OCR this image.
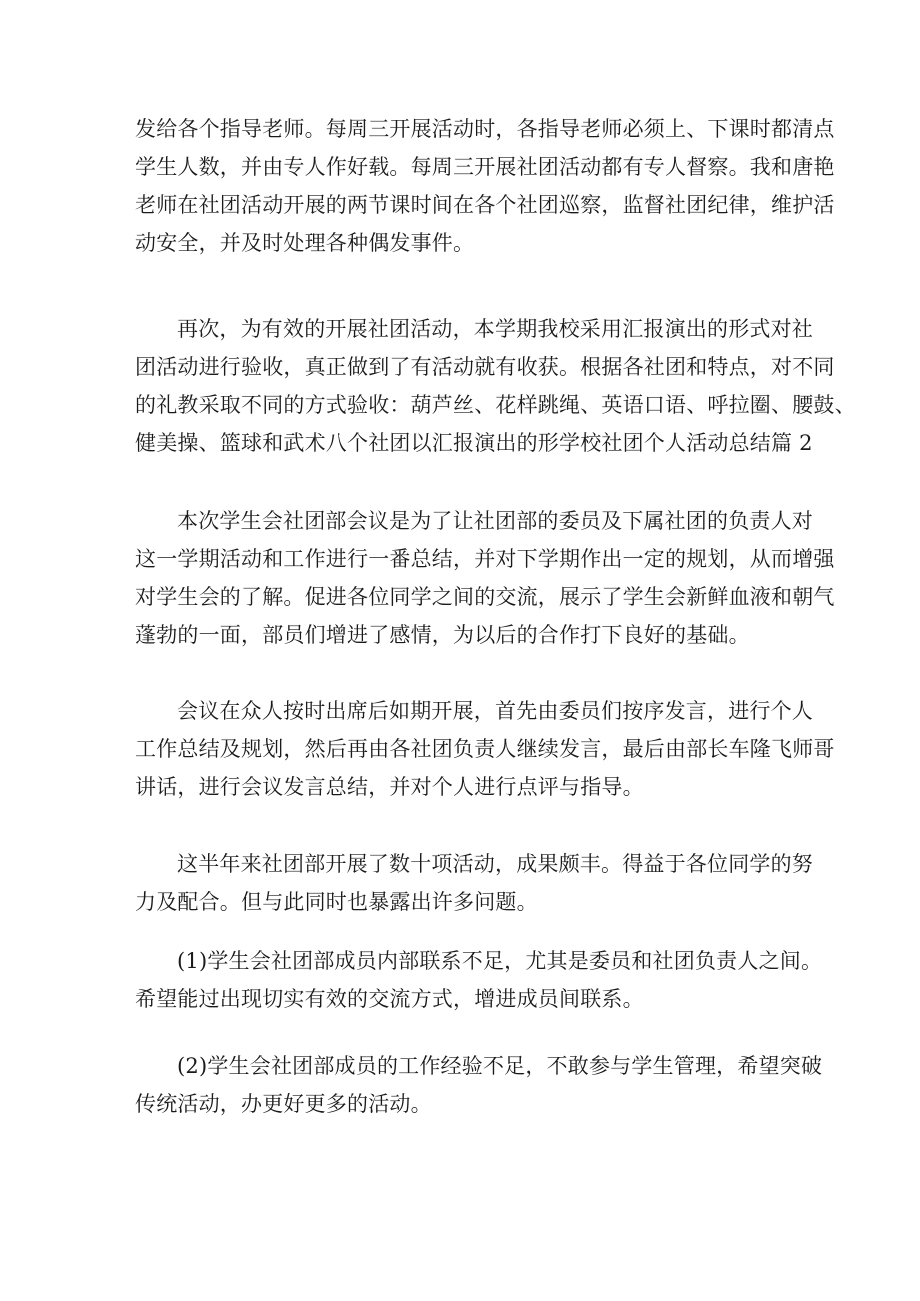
发给各个指导老师。每周三开展活动时，各指导老师必须上、下课时都清点
学生人数，并由专人作好载。每周三开展社团活动都有专人督察。我和唐艳
老师在社团活动开展的两节课时间在各个社团巡察，监督社团纪律，维护活
动安全，并及时处理各种偶发事件。
再次，为有效的开展社团活动，本学期我校采用汇报演出的形式对社
团活动进行验收，真正做到了有活动就有收获。根据各社团和特点，对不同
的礼教采取不同的方式验收：葫芦丝、花样跳绳、英语口语、呼拉圈、腰鼓、
健美操、篮球和武术八个社团以汇报演出的形学校社团个人活动总结篇 2
本次学生会社团部会议是为了让社团部的委员及下属社团的负责人对
这一学期活动和工作进行一番总结，并对下学期作出一定的规划，从而增强
对学生会的了解。促进各位同学之间的交流，展示了学生会新鲜血液和朝气
蓬勃的一面，部员们增进了感情，为以后的合作打下良好的基础。
会议在众人按时出席后如期开展，首先由委员们按序发言，进行个人
工作总结及规划，然后再由各社团负责人继续发言，最后由部长车隆飞师哥
讲话，进行会议发言总结，并对个人进行点评与指导。
这半年来社团部开展了数十项活动，成果颇丰。得益于各位同学的努
力及配合。但与此同时也暴露出许多问题。
(1)学生会社团部成员内部联系不足，尤其是委员和社团负责人之间。
希望能过出现切实有效的交流方式，增进成员间联系。
(2)学生会社团部成员的工作经验不足，不敢参与学生管理，希望突破
传统活动，办更好更多的活动。
